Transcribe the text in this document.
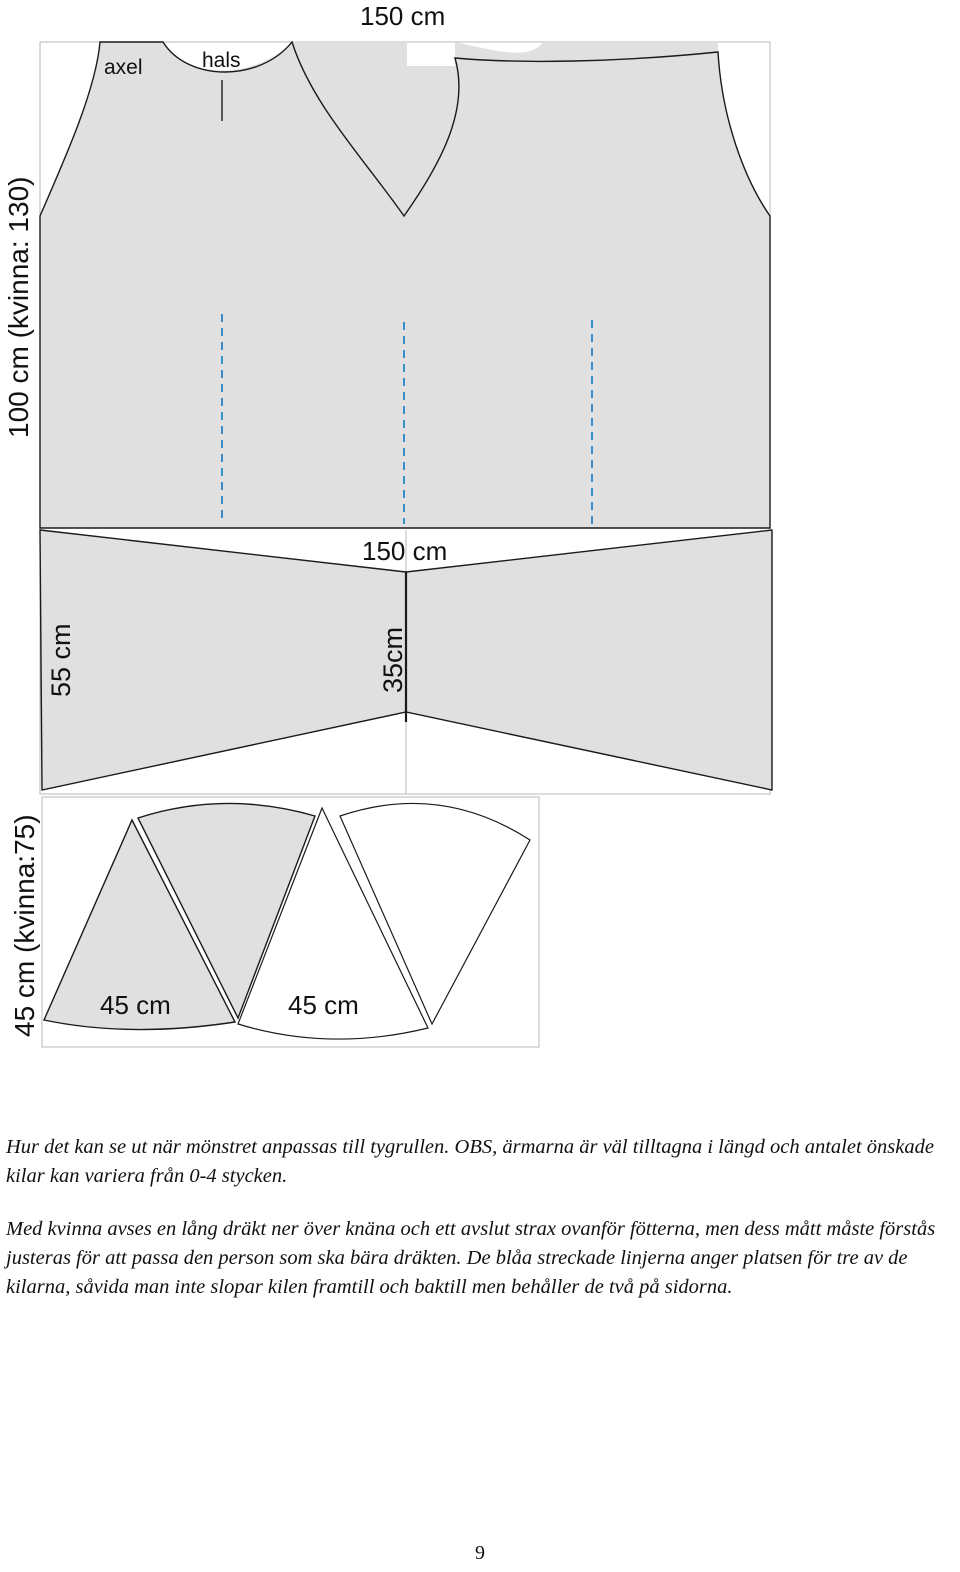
150 cm
axel	hals
100 cm (kvinna: 130)
150 cm
55 cm	35cm
45 cm (kvinna:75) 45 cm	45 cm

Hur det kan se ut när mönstret anpassas till tygrullen. OBS, ärmarna är väl tilltagna i längd och antalet önskade kilar kan variera från 0-4 stycken.

Med kvinna avses en lång dräkt ner över knäna och ett avslut strax ovanför fötterna, men dess mått måste förstås justeras för att passa den person som ska bära dräkten. De blåa streckade linjerna anger platsen för tre av de kilarna, såvida man inte slopar kilen framtill och baktill men behåller de två på sidorna.

9
